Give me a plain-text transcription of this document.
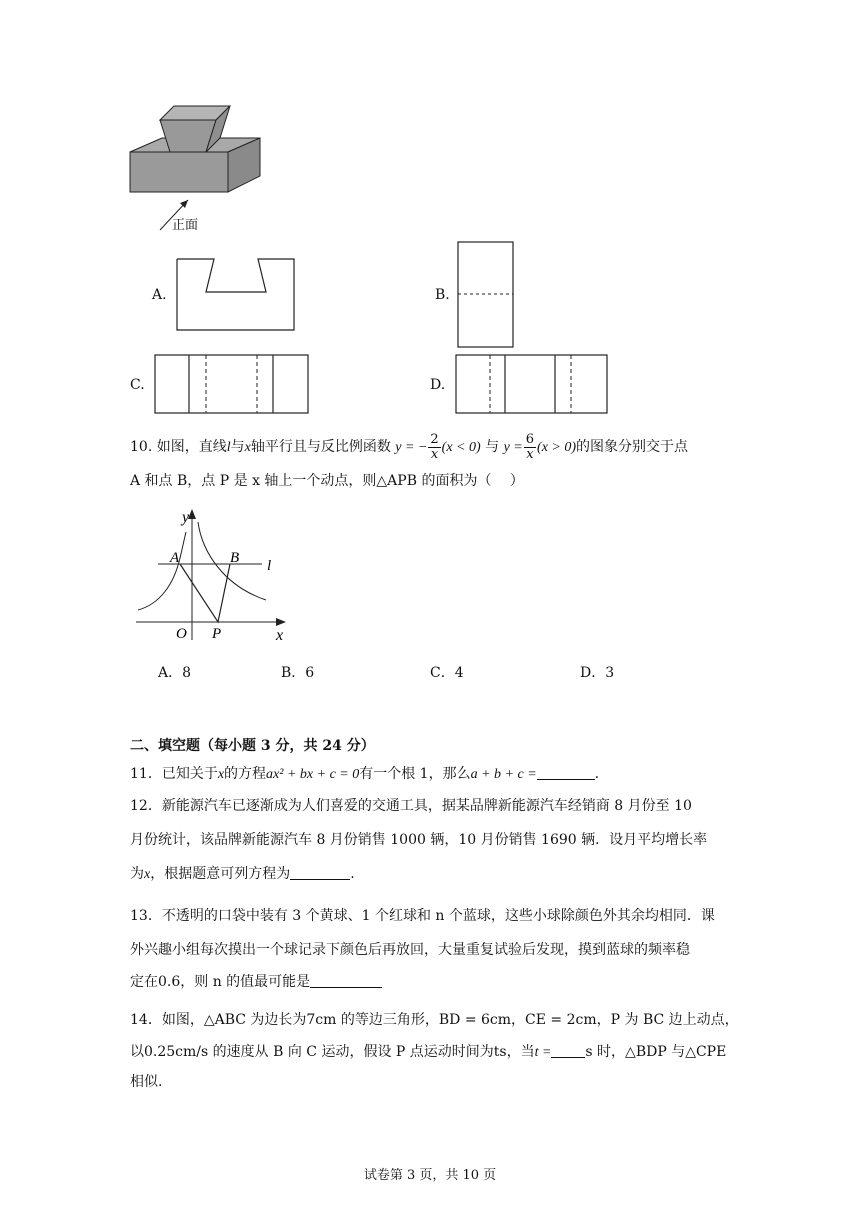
正面
A.	B.
C.	D.
10. 如图，直线l与x轴平行且与反比例函数 y = − $\frac{2}{x} (x < 0)$ 与 $y = \frac{6}{x} (x > 0)$的图象分别交于点
A 和点 B，点 P 是 x 轴上一个动点，则△APB 的面积为（　 ）
y
x
A	B l
O P
A．8	B．6	C．4	D．3
二、填空题（每小题 3 分，共 24 分）
11．已知关于x的方程ax² + bx + c = 0有一个根 1，那么a + b + c =	.
12．新能源汽车已逐渐成为人们喜爱的交通工具，据某品牌新能源汽车经销商 8 月份至 10
月份统计，该品牌新能源汽车 8 月份销售 1000 辆，10 月份销售 1690 辆．设月平均增长率
为x，根据题意可列方程为	.
13．不透明的口袋中装有 3 个黄球、1 个红球和 n 个蓝球，这些小球除颜色外其余均相同．课
外兴趣小组每次摸出一个球记录下颜色后再放回，大量重复试验后发现，摸到蓝球的频率稳
定在0.6，则 n 的值最可能是
14．如图，△ABC 为边长为7cm 的等边三角形，BD = 6cm，CE = 2cm，P 为 BC 边上动点，
以0.25cm/s 的速度从 B 向 C 运动，假设 P 点运动时间为ts，当t = s 时，△BDP 与△CPE
相似.
试卷第 3 页，共 10 页
